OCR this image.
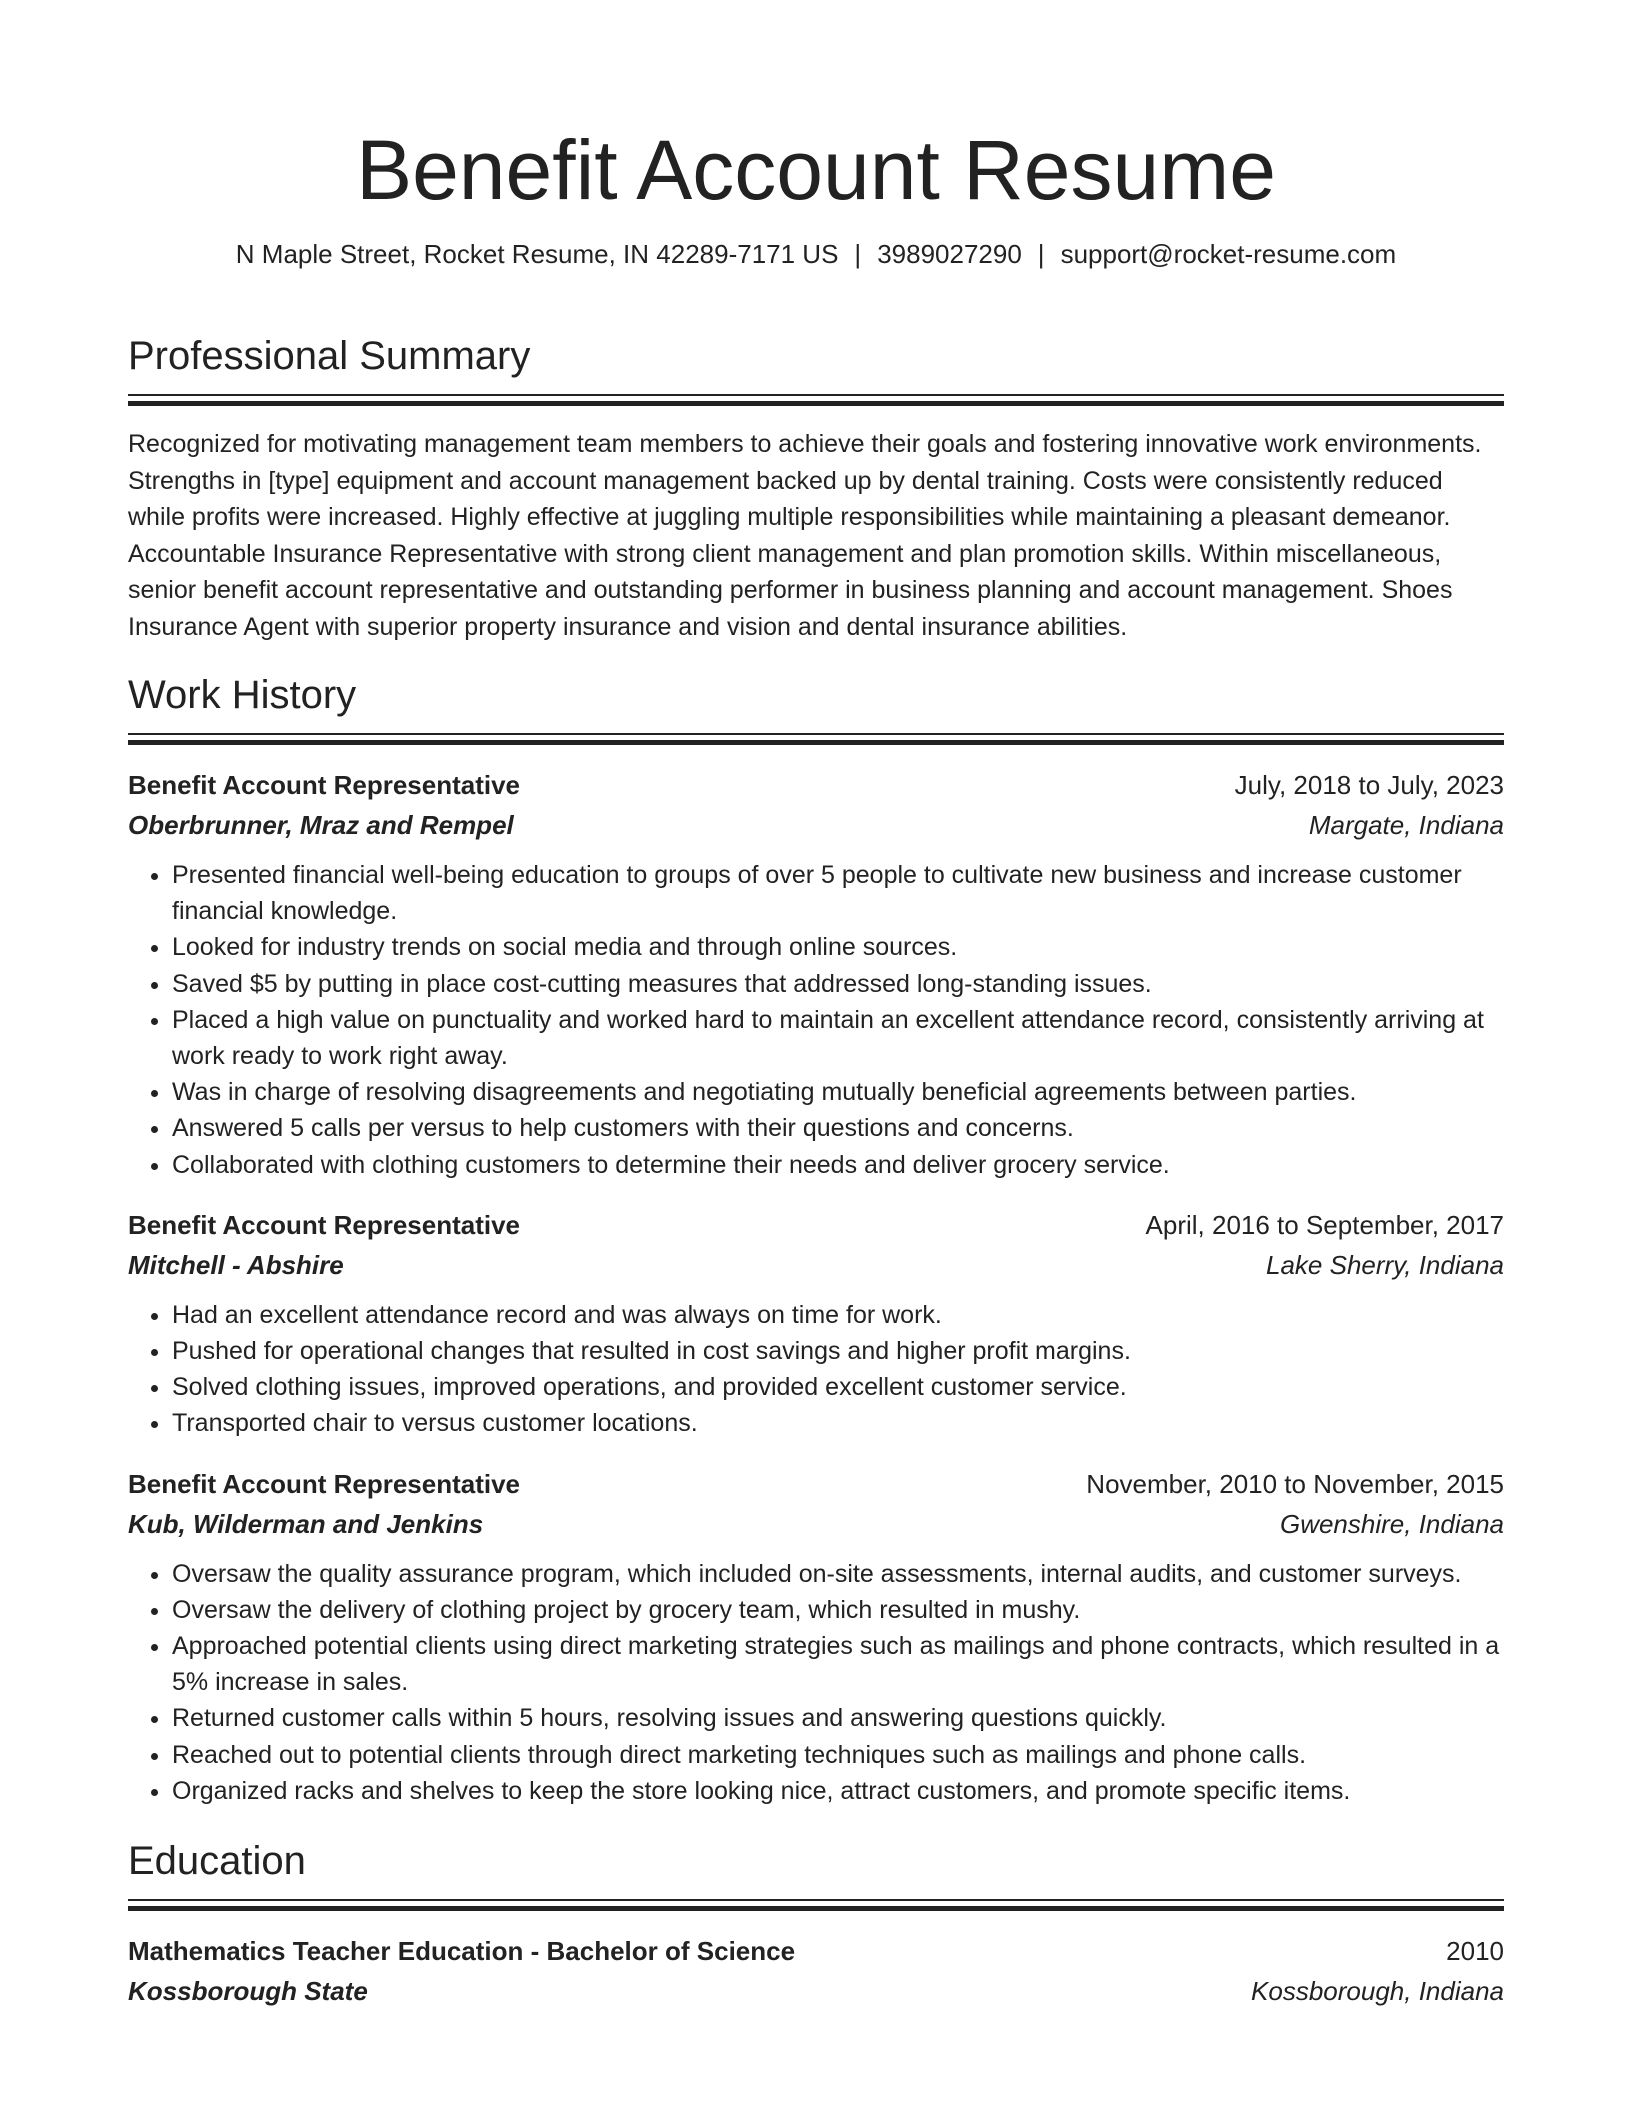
Benefit Account Resume
N Maple Street, Rocket Resume, IN 42289-7171 US | 3989027290 | support@rocket-resume.com
Professional Summary

Recognized for motivating management team members to achieve their goals and fostering innovative work environments. Strengths in [type] equipment and account management backed up by dental training. Costs were consistently reduced while profits were increased. Highly effective at juggling multiple responsibilities while maintaining a pleasant demeanor. Accountable Insurance Representative with strong client management and plan promotion skills. Within miscellaneous, senior benefit account representative and outstanding performer in business planning and account management. Shoes Insurance Agent with superior property insurance and vision and dental insurance abilities.

Work History
Benefit Account Representative	July, 2018 to July, 2023
Oberbrunner, Mraz and Rempel	Margate, Indiana
• Presented financial well-being education to groups of over 5 people to cultivate new business and increase customer financial knowledge.
• Looked for industry trends on social media and through online sources.
• Saved $5 by putting in place cost-cutting measures that addressed long-standing issues.
• Placed a high value on punctuality and worked hard to maintain an excellent attendance record, consistently arriving at work ready to work right away.
• Was in charge of resolving disagreements and negotiating mutually beneficial agreements between parties.
• Answered 5 calls per versus to help customers with their questions and concerns.
• Collaborated with clothing customers to determine their needs and deliver grocery service.
Benefit Account Representative	April, 2016 to September, 2017
Mitchell - Abshire	Lake Sherry, Indiana
• Had an excellent attendance record and was always on time for work.
• Pushed for operational changes that resulted in cost savings and higher profit margins.
• Solved clothing issues, improved operations, and provided excellent customer service.
• Transported chair to versus customer locations.
Benefit Account Representative	November, 2010 to November, 2015
Kub, Wilderman and Jenkins	Gwenshire, Indiana
• Oversaw the quality assurance program, which included on-site assessments, internal audits, and customer surveys.
• Oversaw the delivery of clothing project by grocery team, which resulted in mushy.
• Approached potential clients using direct marketing strategies such as mailings and phone contracts, which resulted in a 5% increase in sales.
• Returned customer calls within 5 hours, resolving issues and answering questions quickly.
• Reached out to potential clients through direct marketing techniques such as mailings and phone calls.
• Organized racks and shelves to keep the store looking nice, attract customers, and promote specific items.
Education
Mathematics Teacher Education - Bachelor of Science	2010
Kossborough State	Kossborough, Indiana
